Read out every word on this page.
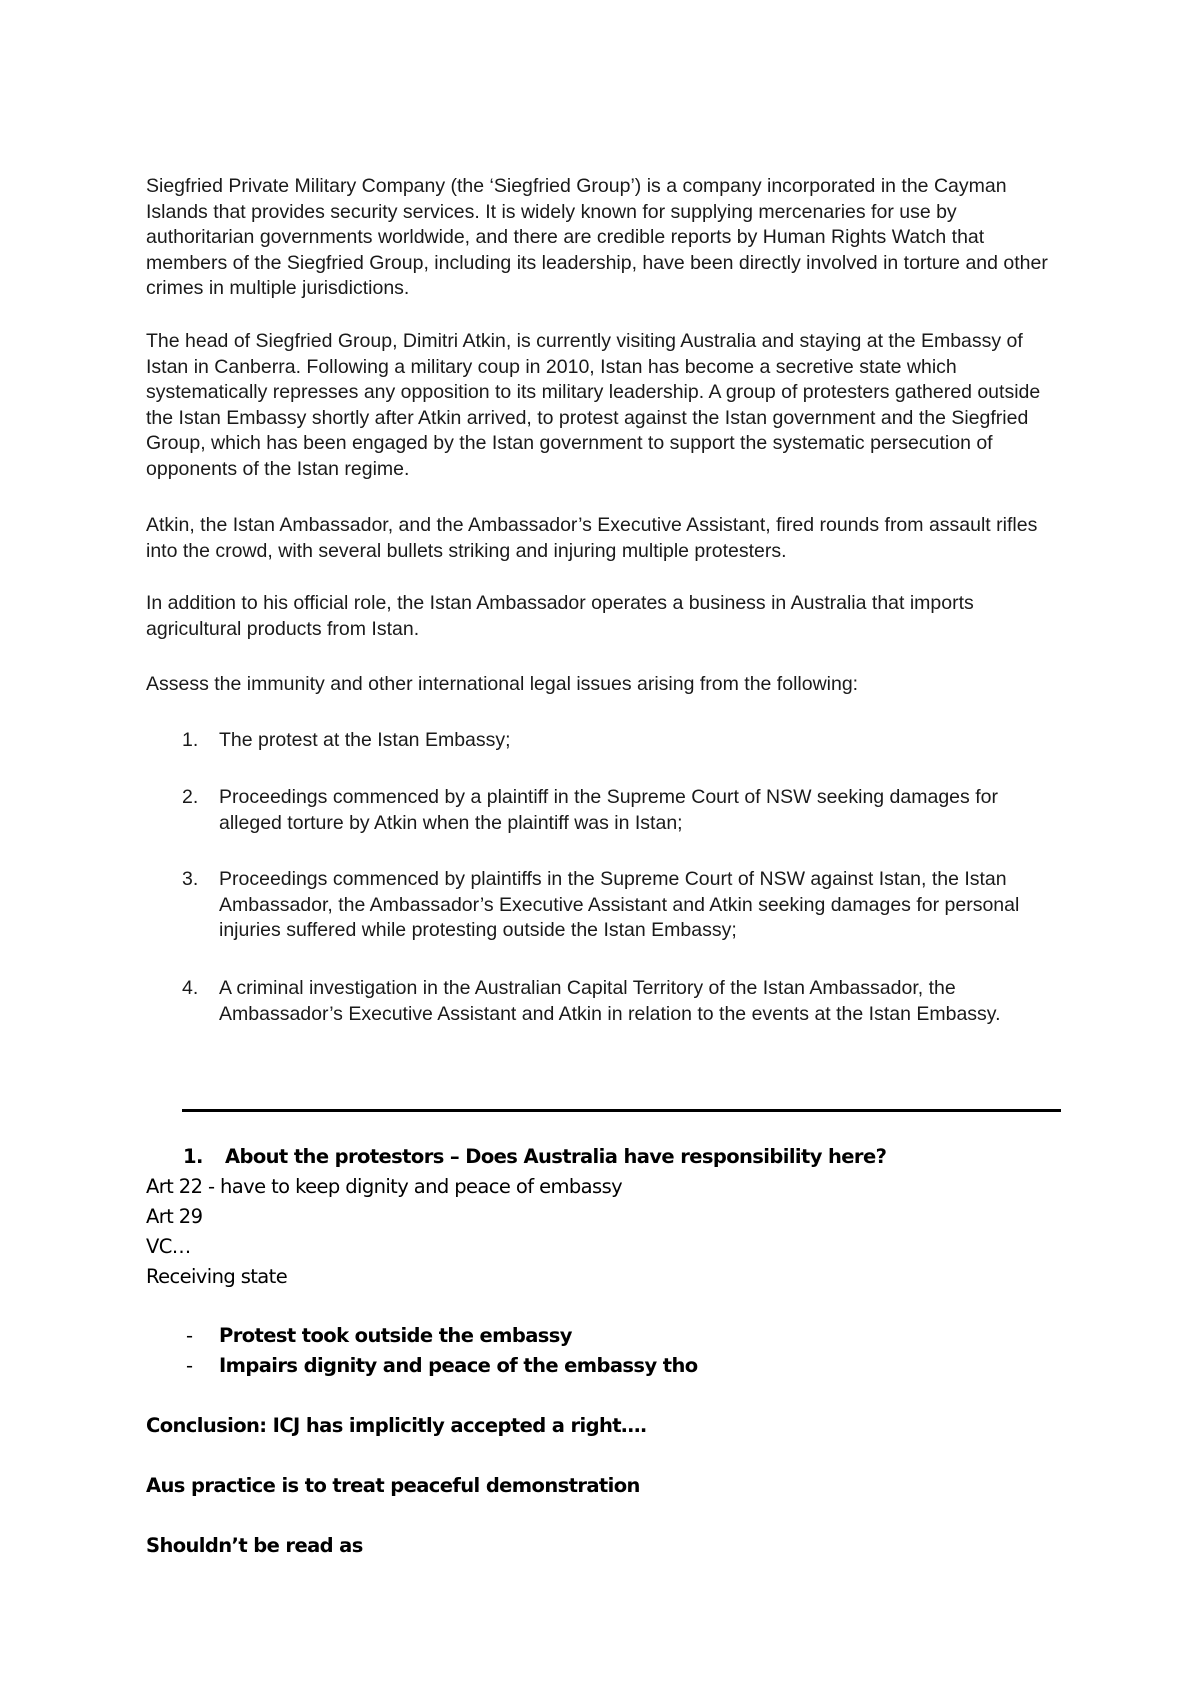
Siegfried Private Military Company (the ‘Siegfried Group’) is a company incorporated in the Cayman Islands that provides security services. It is widely known for supplying mercenaries for use by authoritarian governments worldwide, and there are credible reports by Human Rights Watch that members of the Siegfried Group, including its leadership, have been directly involved in torture and other crimes in multiple jurisdictions.

The head of Siegfried Group, Dimitri Atkin, is currently visiting Australia and staying at the Embassy of Istan in Canberra. Following a military coup in 2010, Istan has become a secretive state which systematically represses any opposition to its military leadership. A group of protesters gathered outside the Istan Embassy shortly after Atkin arrived, to protest against the Istan government and the Siegfried Group, which has been engaged by the Istan government to support the systematic persecution of opponents of the Istan regime.

Atkin, the Istan Ambassador, and the Ambassador’s Executive Assistant, fired rounds from assault rifles into the crowd, with several bullets striking and injuring multiple protesters.

In addition to his official role, the Istan Ambassador operates a business in Australia that imports agricultural products from Istan.

Assess the immunity and other international legal issues arising from the following:

1. The protest at the Istan Embassy;
2. Proceedings commenced by a plaintiff in the Supreme Court of NSW seeking damages for alleged torture by Atkin when the plaintiff was in Istan;
3. Proceedings commenced by plaintiffs in the Supreme Court of NSW against Istan, the Istan Ambassador, the Ambassador’s Executive Assistant and Atkin seeking damages for personal injuries suffered while protesting outside the Istan Embassy;
4. A criminal investigation in the Australian Capital Territory of the Istan Ambassador, the Ambassador’s Executive Assistant and Atkin in relation to the events at the Istan Embassy.
1. About the protestors – Does Australia have responsibility here?
Art 22 - have to keep dignity and peace of embassy
Art 29
VC…
Receiving state
- Protest took outside the embassy
- Impairs dignity and peace of the embassy tho
Conclusion: ICJ has implicitly accepted a right….
Aus practice is to treat peaceful demonstration
Shouldn’t be read as
